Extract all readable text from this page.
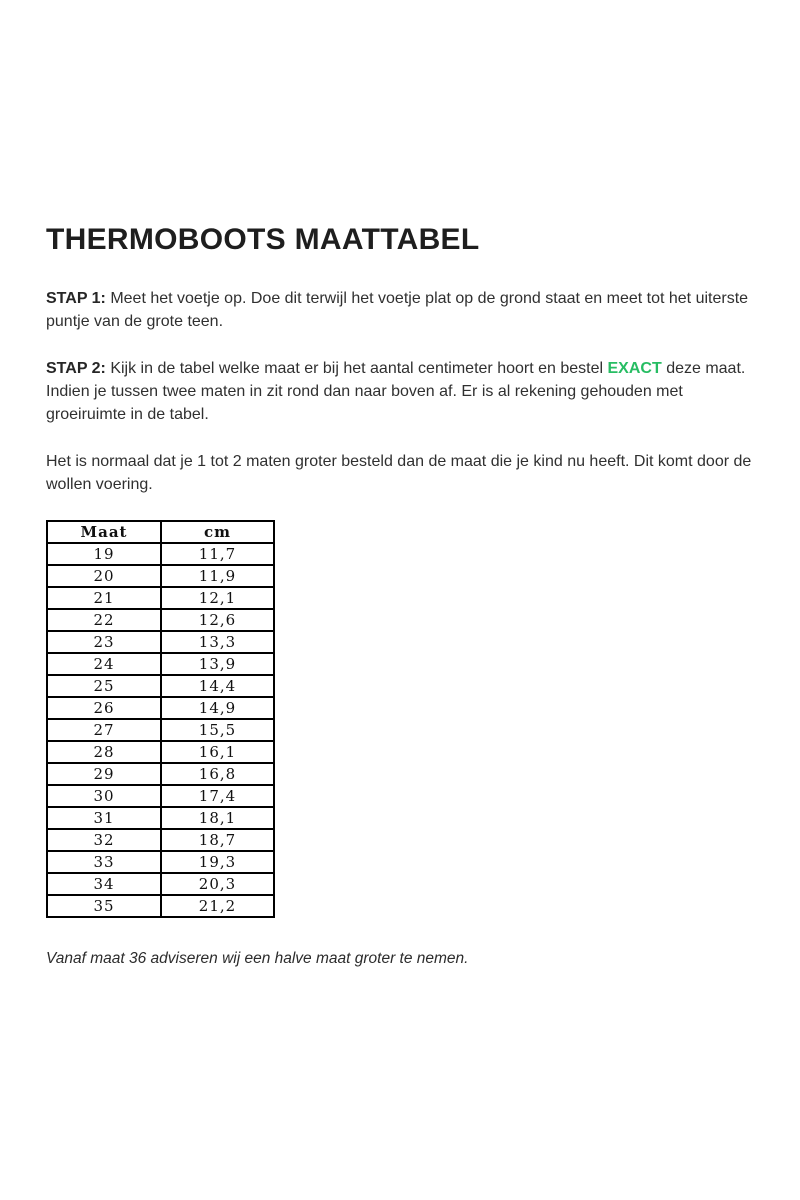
THERMOBOOTS MAATTABEL

STAP 1: Meet het voetje op. Doe dit terwijl het voetje plat op de grond staat en meet tot het uiterste puntje van de grote teen.

STAP 2: Kijk in de tabel welke maat er bij het aantal centimeter hoort en bestel EXACT deze maat. Indien je tussen twee maten in zit rond dan naar boven af. Er is al rekening gehouden met groeiruimte in de tabel.

Het is normaal dat je 1 tot 2 maten groter besteld dan de maat die je kind nu heeft. Dit komt door de wollen voering.

Maat	cm
19	11,7
20	11,9
21	12,1
22	12,6
23	13,3
24	13,9
25	14,4
26	14,9
27	15,5
28	16,1
29	16,8
30	17,4
31	18,1
32	18,7
33	19,3
34	20,3
35	21,2

Vanaf maat 36 adviseren wij een halve maat groter te nemen.
